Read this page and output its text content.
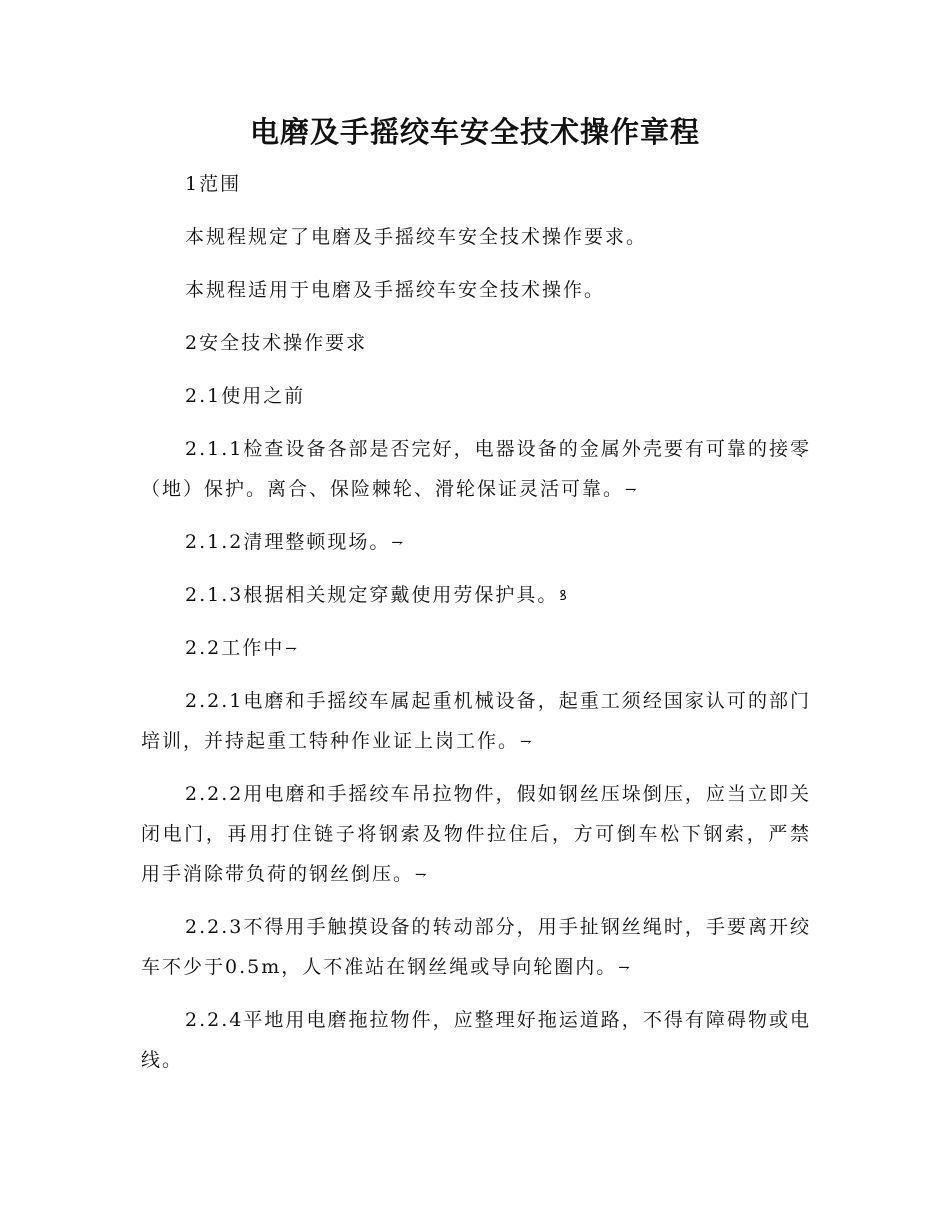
电磨及手摇绞车安全技术操作章程

1范围

本规程规定了电磨及手摇绞车安全技术操作要求。

本规程适用于电磨及手摇绞车安全技术操作。

2安全技术操作要求

2.1使用之前

2.1.1检查设备各部是否完好，电器设备的金属外壳要有可靠的接零（地）保护。离合、保险棘轮、滑轮保证灵活可靠。⇁

2.1.2清理整顿现场。⇁

2.1.3根据相关规定穿戴使用劳保护具。ꝸ

2.2工作中⇁

2.2.1电磨和手摇绞车属起重机械设备，起重工须经国家认可的部门培训，并持起重工特种作业证上岗工作。⇁

2.2.2用电磨和手摇绞车吊拉物件，假如钢丝压垛倒压，应当立即关闭电门，再用打住链子将钢索及物件拉住后，方可倒车松下钢索，严禁用手消除带负荷的钢丝倒压。⇁

2.2.3不得用手触摸设备的转动部分，用手扯钢丝绳时，手要离开绞车不少于0.5m，人不准站在钢丝绳或导向轮圈内。⇁

2.2.4平地用电磨拖拉物件，应整理好拖运道路，不得有障碍物或电线。
